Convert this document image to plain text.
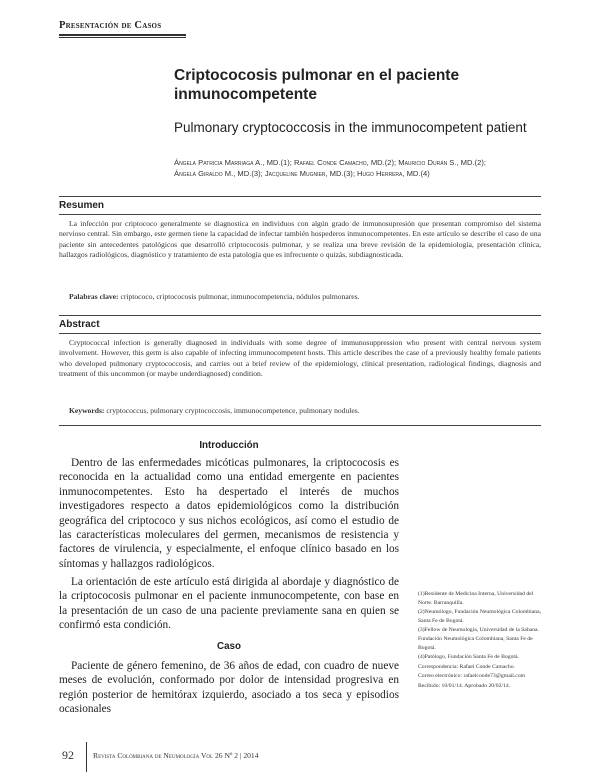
Presentación de Casos
Criptococosis pulmonar en el paciente inmunocompetente
Pulmonary cryptococcosis in the immunocompetent patient
Ángela Patricia Marriaga A., MD.(1); Rafael Conde Camacho, MD.(2); Mauricio Durán S., MD.(2);
Ángela Giraldo M., MD.(3); Jacqueline Mugnier, MD.(3); Hugo Herrera, MD.(4)
Resumen
La infección por criptococo generalmente se diagnostica en individuos con algún grado de inmunosupresión que presentan compromiso del sistema nervioso central. Sin embargo, este germen tiene la capacidad de infectar también hospederos inmunocompetentes. En este artículo se describe el caso de una paciente sin antecedentes patológicos que desarrolló criptococosis pulmonar, y se realiza una breve revisión de la epidemiología, presentación clínica, hallazgos radiológicos, diagnóstico y tratamiento de esta patología que es infrecuente o quizás, subdiagnosticada.
Palabras clave: criptococo, criptococosis pulmonar, inmunocompetencia, nódulos pulmonares.
Abstract
Cryptococcal infection is generally diagnosed in individuals with some degree of immunosuppression who present with central nervous system involvement. However, this germ is also capable of infecting immunocompetent hosts. This article describes the case of a previously healthy female patients who developed pulmonary cryptococcosis, and carries out a brief review of the epidemiology, clinical presentation, radiological findings, diagnosis and treatment of this uncommon (or maybe underdiagnosed) condition.
Keywords: cryptococcus, pulmonary cryptococcosis, immunocompetence, pulmonary nodules.
Introducción
Dentro de las enfermedades micóticas pulmonares, la criptococosis es reconocida en la actualidad como una entidad emergente en pacientes inmunocompetentes. Esto ha despertado el interés de muchos investigadores respecto a datos epidemiológicos como la distribución geográfica del criptococo y sus nichos ecológicos, así como el estudio de las características moleculares del germen, mecanismos de resistencia y factores de virulencia, y especialmente, el enfoque clínico basado en los síntomas y hallazgos radiológicos.
La orientación de este artículo está dirigida al abordaje y diagnóstico de la criptococosis pulmonar en el paciente inmunocompetente, con base en la presentación de un caso de una paciente previamente sana en quien se confirmó esta condición.
Caso
Paciente de género femenino, de 36 años de edad, con cuadro de nueve meses de evolución, conformado por dolor de intensidad progresiva en región posterior de hemitórax izquierdo, asociado a tos seca y episodios ocasionales

(1)Residente de Medicina Interna, Universidad del Norte. Barranquilla.

(2)Neumólogo, Fundación Neumológica Colombiana, Santa Fe de Bogotá.

(3)Fellow de Neumología, Universidad de la Sabana. Fundación Neumológica Colombiana, Santa Fe de Bogotá.

(4)Patólogo, Fundación Santa Fe de Bogotá.

Correspondencia: Rafael Conde Camacho.

Correo electrónico: rafaelconde73@gmail.com

Recibido: 10/01/14. Aprobado 20/02/14.

92	Revista Colombiana de Neumología Vol 26 Nº 2 | 2014
